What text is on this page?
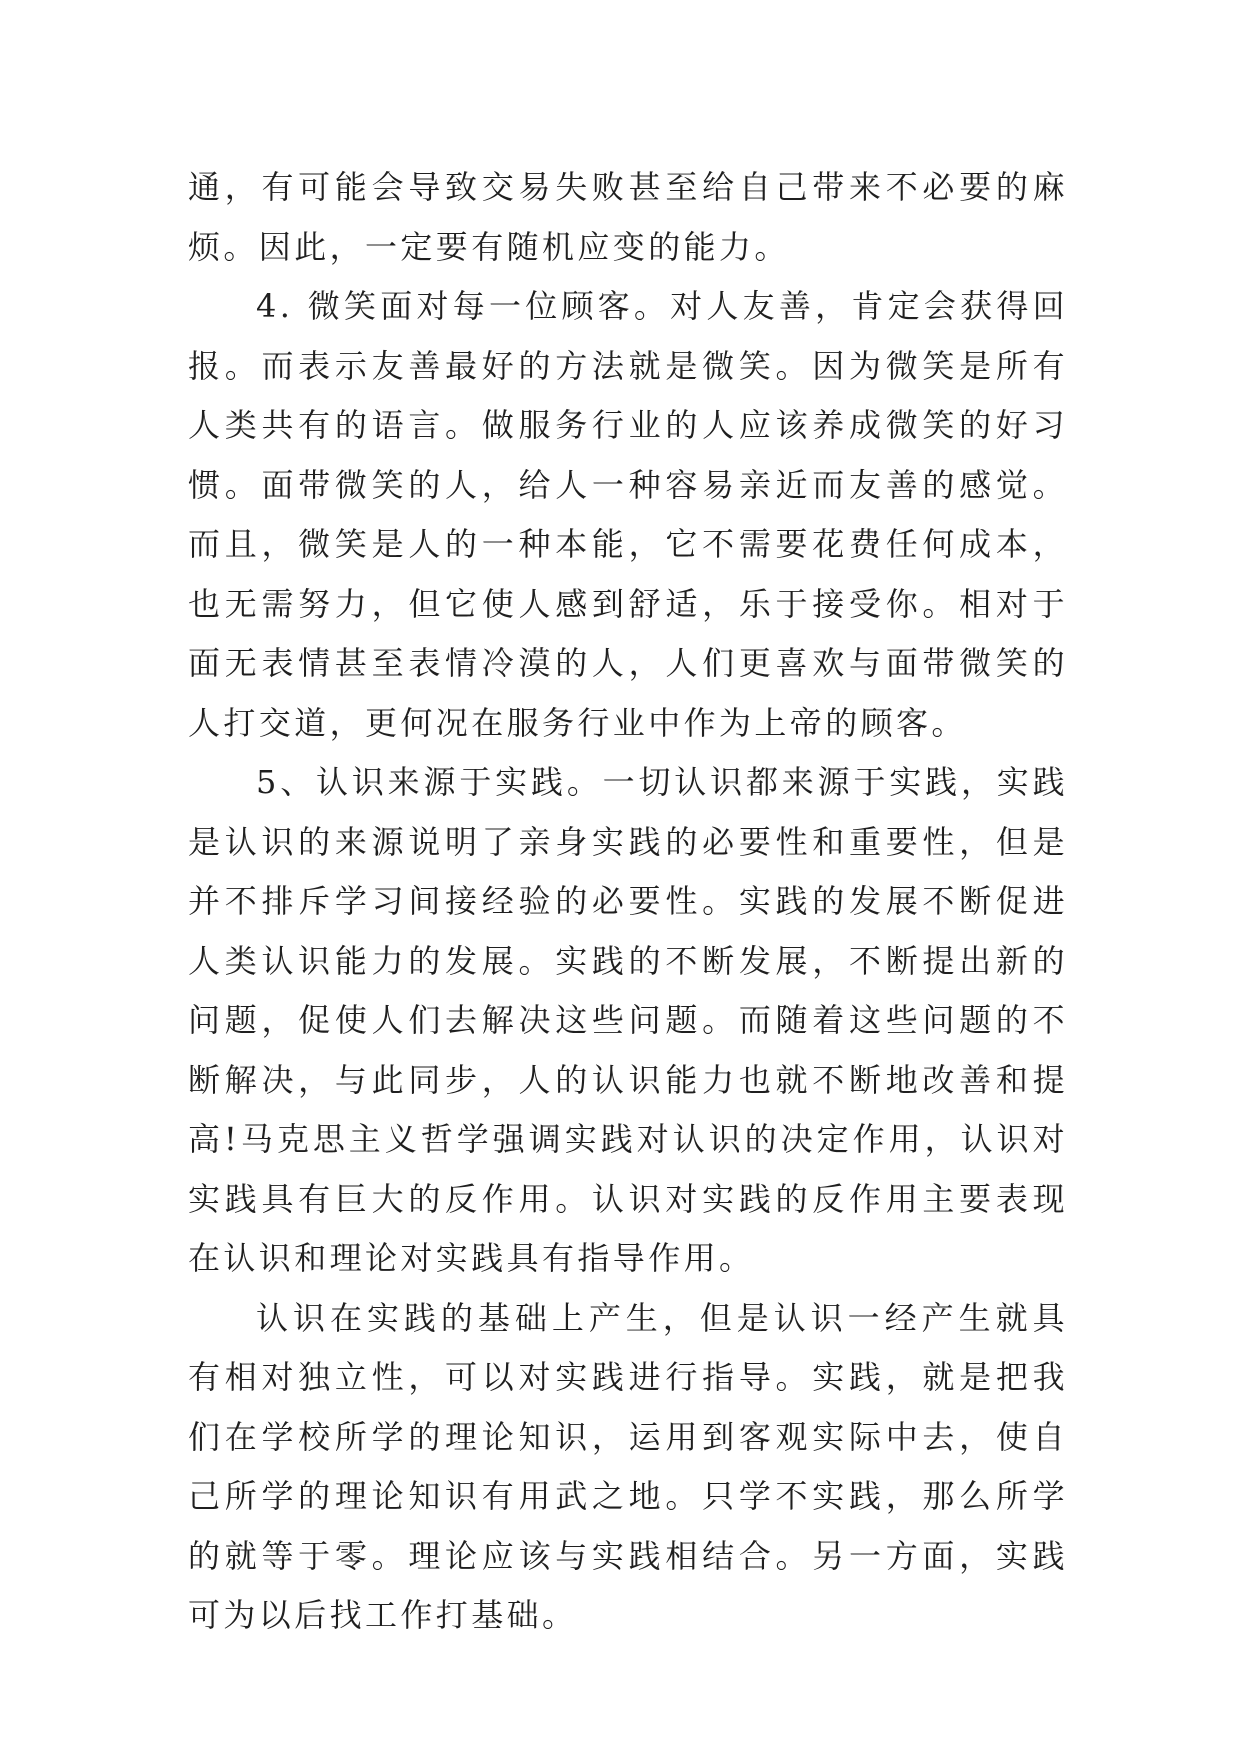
通，有可能会导致交易失败甚至给自己带来不必要的麻烦。因此，一定要有随机应变的能力。

4. 微笑面对每一位顾客。对人友善，肯定会获得回报。而表示友善最好的方法就是微笑。因为微笑是所有人类共有的语言。做服务行业的人应该养成微笑的好习惯。面带微笑的人，给人一种容易亲近而友善的感觉。而且，微笑是人的一种本能，它不需要花费任何成本，也无需努力，但它使人感到舒适，乐于接受你。相对于面无表情甚至表情冷漠的人，人们更喜欢与面带微笑的人打交道，更何况在服务行业中作为上帝的顾客。

5、认识来源于实践。一切认识都来源于实践，实践是认识的来源说明了亲身实践的必要性和重要性，但是并不排斥学习间接经验的必要性。实践的发展不断促进人类认识能力的发展。实践的不断发展，不断提出新的问题，促使人们去解决这些问题。而随着这些问题的不断解决，与此同步，人的认识能力也就不断地改善和提高!马克思主义哲学强调实践对认识的决定作用，认识对实践具有巨大的反作用。认识对实践的反作用主要表现在认识和理论对实践具有指导作用。

认识在实践的基础上产生，但是认识一经产生就具有相对独立性，可以对实践进行指导。实践，就是把我们在学校所学的理论知识，运用到客观实际中去，使自己所学的理论知识有用武之地。只学不实践，那么所学的就等于零。理论应该与实践相结合。另一方面，实践可为以后找工作打基础。
